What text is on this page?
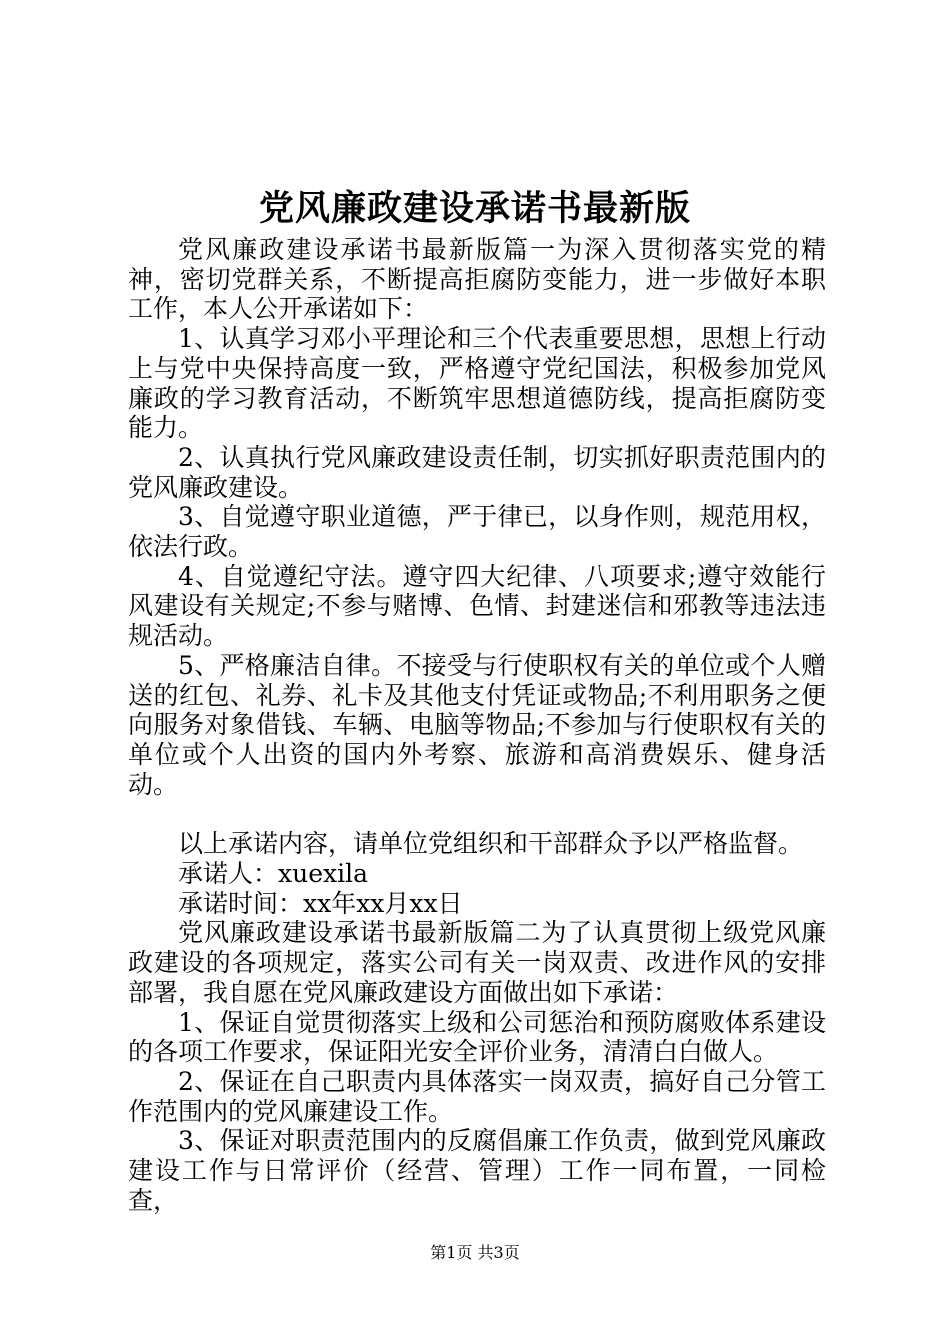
党风廉政建设承诺书最新版

党风廉政建设承诺书最新版篇一为深入贯彻落实党的精神，密切党群关系，不断提高拒腐防变能力，进一步做好本职工作，本人公开承诺如下：

1、认真学习邓小平理论和三个代表重要思想，思想上行动上与党中央保持高度一致，严格遵守党纪国法，积极参加党风廉政的学习教育活动，不断筑牢思想道德防线，提高拒腐防变能力。

2、认真执行党风廉政建设责任制，切实抓好职责范围内的党风廉政建设。

3、自觉遵守职业道德，严于律已，以身作则，规范用权，依法行政。

4、自觉遵纪守法。遵守四大纪律、八项要求;遵守效能行风建设有关规定;不参与赌博、色情、封建迷信和邪教等违法违规活动。

5、严格廉洁自律。不接受与行使职权有关的单位或个人赠送的红包、礼券、礼卡及其他支付凭证或物品;不利用职务之便向服务对象借钱、车辆、电脑等物品;不参加与行使职权有关的单位或个人出资的国内外考察、旅游和高消费娱乐、健身活动。

以上承诺内容，请单位党组织和干部群众予以严格监督。

承诺人：xuexila

承诺时间：xx年xx月xx日

党风廉政建设承诺书最新版篇二为了认真贯彻上级党风廉政建设的各项规定，落实公司有关一岗双责、改进作风的安排部署，我自愿在党风廉政建设方面做出如下承诺：

1、保证自觉贯彻落实上级和公司惩治和预防腐败体系建设的各项工作要求，保证阳光安全评价业务，清清白白做人。

2、保证在自己职责内具体落实一岗双责，搞好自己分管工作范围内的党风廉建设工作。

3、保证对职责范围内的反腐倡廉工作负责，做到党风廉政建设工作与日常评价（经营、管理）工作一同布置，一同检查，

第1页 共3页
